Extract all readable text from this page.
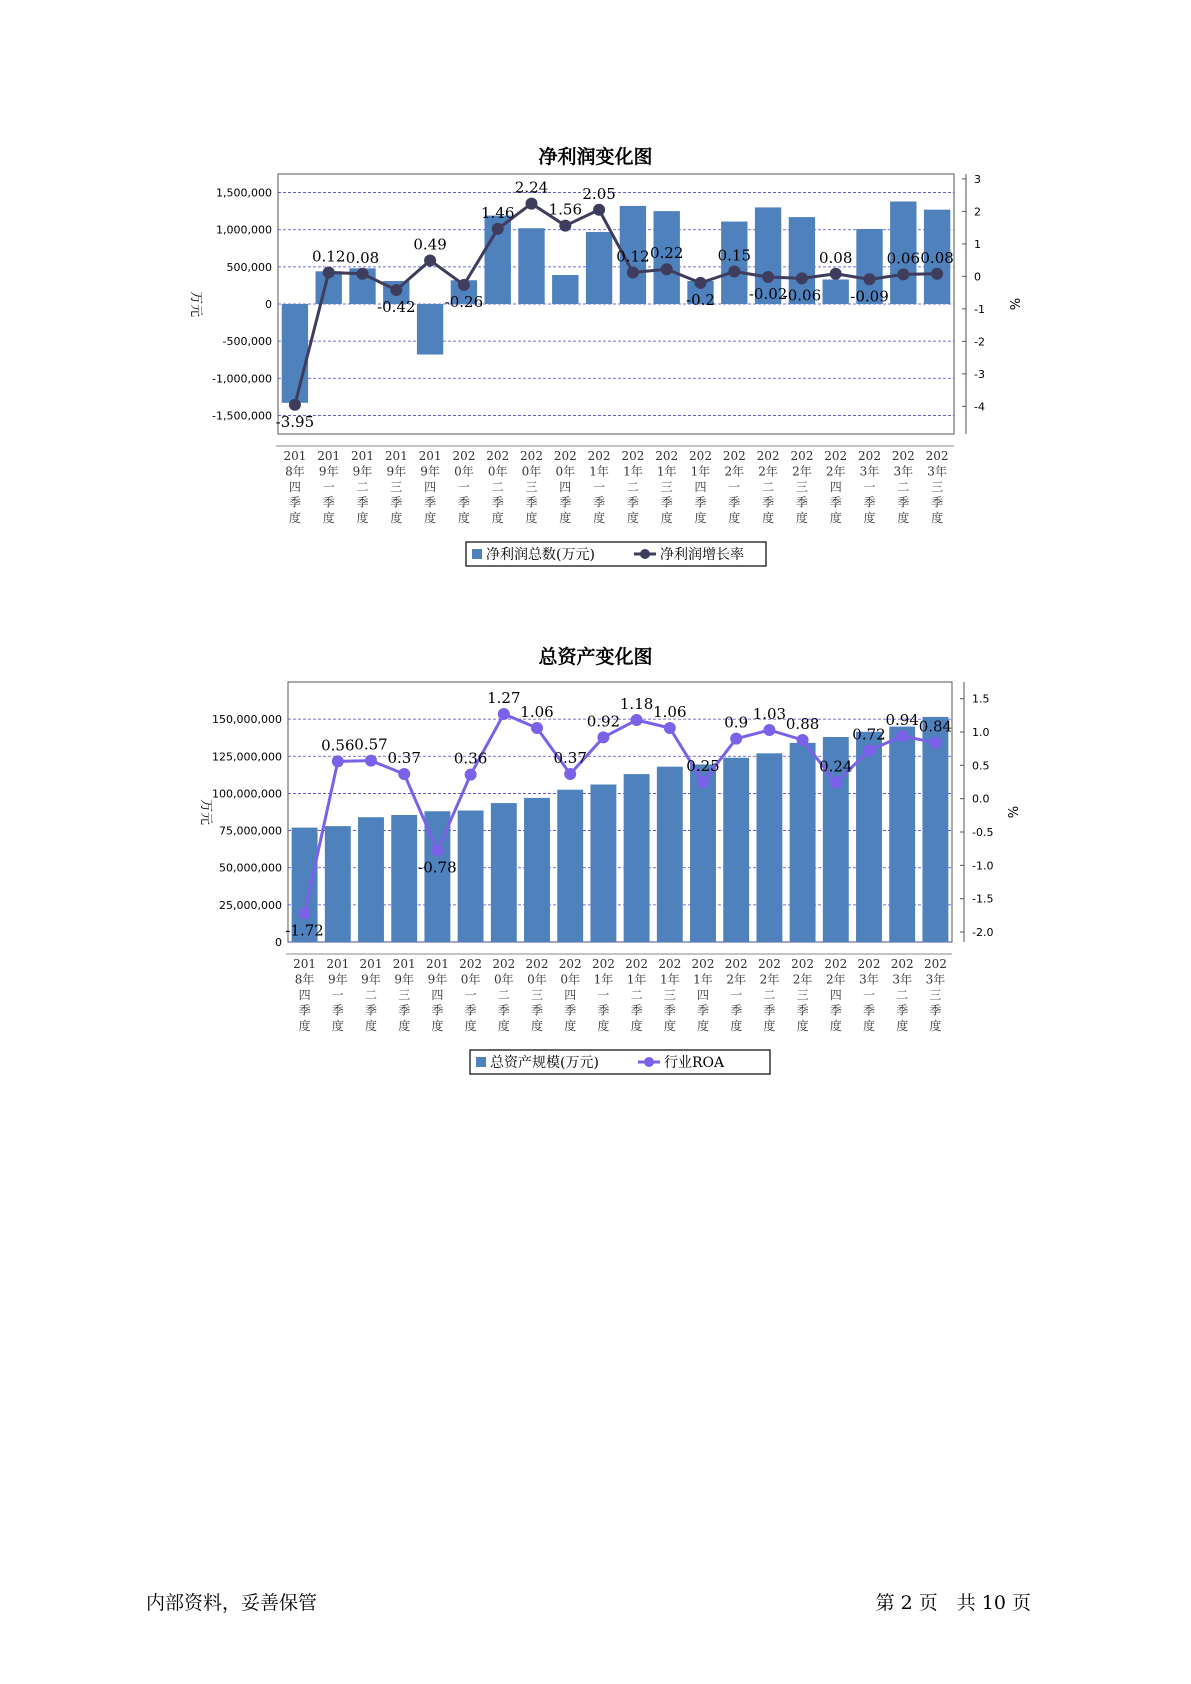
净利润变化图
1,500,000
1,000,000
500,000
0
-500,000
-1,000,000
-1,500,000
3
2
1
0
-1
-2
-3
-4
万元	%
-3.95
0.12 0.08
-0.42
0.49
-0.26
1.46
2.24
1.56
2.05
0.12 0.22
-0.2
0.15
-0.02
-0.06
0.08
-0.09
0.06 0.08
201 8年四季度
201 9年一季度
201 9年二季度
201 9年三季度
201 9年四季度
202 0年一季度
202 0年二季度
202 0年三季度
202 0年四季度
202 1年一季度
202 1年二季度
202 1年三季度
202 1年四季度
202 2年一季度
202 2年二季度
202 2年三季度
202 2年四季度
202 3年一季度
202 3年二季度
202 3年三季度
净利润总数(万元)	净利润增长率
总资产变化图
150,000,000
125,000,000
100,000,000
75,000,000
50,000,000
25,000,000
0
1.5
1.0
0.5
0.0
-0.5
-1.0
-1.5
-2.0
万元	%
-1.72
0.56 0.57
0.37
-0.78
0.36
1.27
1.06
0.37
0.92
1.18 1.06
0.25
0.9 1.03
0.88
0.24
0.72
0.94 0.84
201 8年四季度
201 9年一季度
201 9年二季度
201 9年三季度
201 9年四季度
202 0年一季度
202 0年二季度
202 0年三季度
202 0年四季度
202 1年一季度
202 1年二季度
202 1年三季度
202 1年四季度
202 2年一季度
202 2年二季度
202 2年三季度
202 2年四季度
202 3年一季度
202 3年二季度
202 3年三季度
总资产规模(万元)	行业ROA
内部资料，妥善保管	第 2 页　共 10 页
